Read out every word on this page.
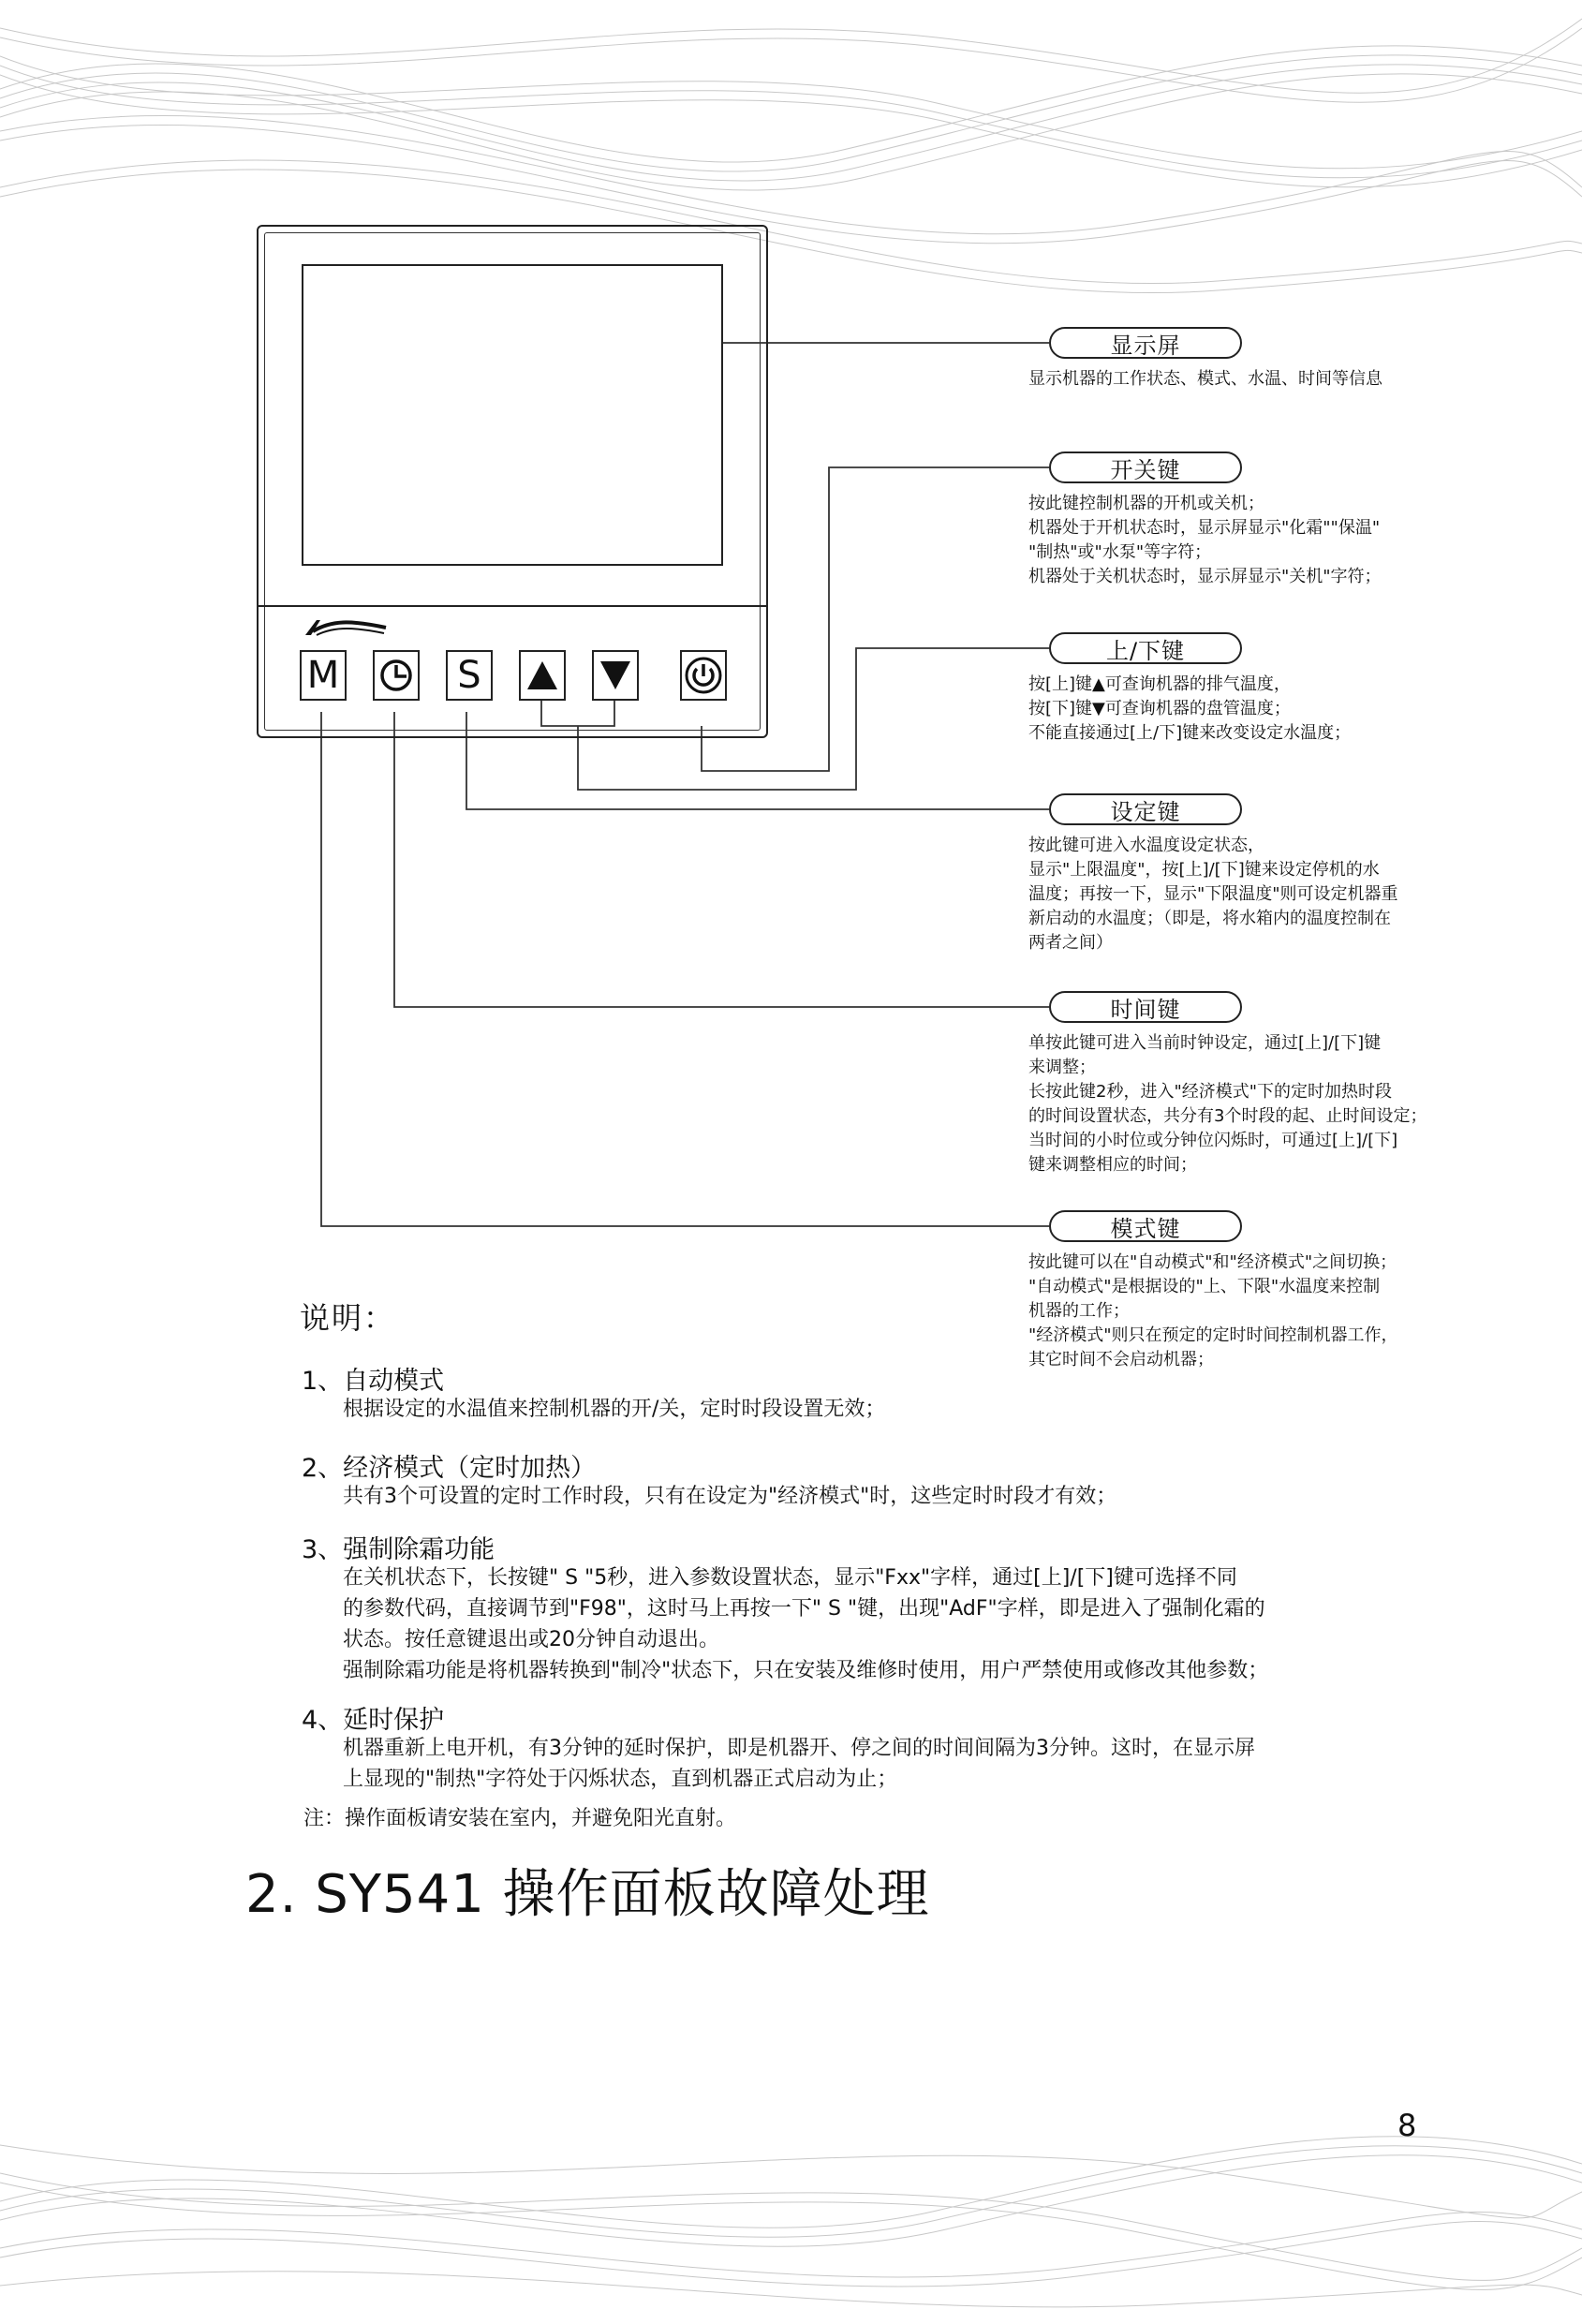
M	S
显示屏
显示机器的工作状态、模式、水温、时间等信息
开关键
按此键控制机器的开机或关机；
机器处于开机状态时，显示屏显示"化霜""保温"
"制热"或"水泵"等字符；
机器处于关机状态时，显示屏显示"关机"字符；
上/下键
按[上]键▲可查询机器的排气温度，
按[下]键▼可查询机器的盘管温度；
不能直接通过[上/下]键来改变设定水温度；
设定键
按此键可进入水温度设定状态，
显示"上限温度"，按[上]/[下]键来设定停机的水
温度；再按一下，显示"下限温度"则可设定机器重
新启动的水温度；（即是，将水箱内的温度控制在
两者之间）
时间键
单按此键可进入当前时钟设定，通过[上]/[下]键
来调整；
长按此键2秒，进入"经济模式"下的定时加热时段
的时间设置状态，共分有3个时段的起、止时间设定；
当时间的小时位或分钟位闪烁时，可通过[上]/[下]
键来调整相应的时间；
模式键
按此键可以在"自动模式"和"经济模式"之间切换；
"自动模式"是根据设的"上、下限"水温度来控制
机器的工作；
"经济模式"则只在预定的定时时间控制机器工作，
其它时间不会启动机器；
说明：
1、自动模式
根据设定的水温值来控制机器的开/关，定时时段设置无效；
2、经济模式（定时加热）
共有3个可设置的定时工作时段，只有在设定为"经济模式"时，这些定时时段才有效；
3、强制除霜功能
在关机状态下，长按键" S "5秒，进入参数设置状态，显示"Fxx"字样，通过[上]/[下]键可选择不同
的参数代码，直接调节到"F98"，这时马上再按一下" S "键，出现"AdF"字样，即是进入了强制化霜的
状态。按任意键退出或20分钟自动退出。
强制除霜功能是将机器转换到"制冷"状态下，只在安装及维修时使用，用户严禁使用或修改其他参数；
4、延时保护
机器重新上电开机，有3分钟的延时保护，即是机器开、停之间的时间间隔为3分钟。这时，在显示屏
上显现的"制热"字符处于闪烁状态，直到机器正式启动为止；
注：操作面板请安装在室内，并避免阳光直射。
2. SY541 操作面板故障处理
8
